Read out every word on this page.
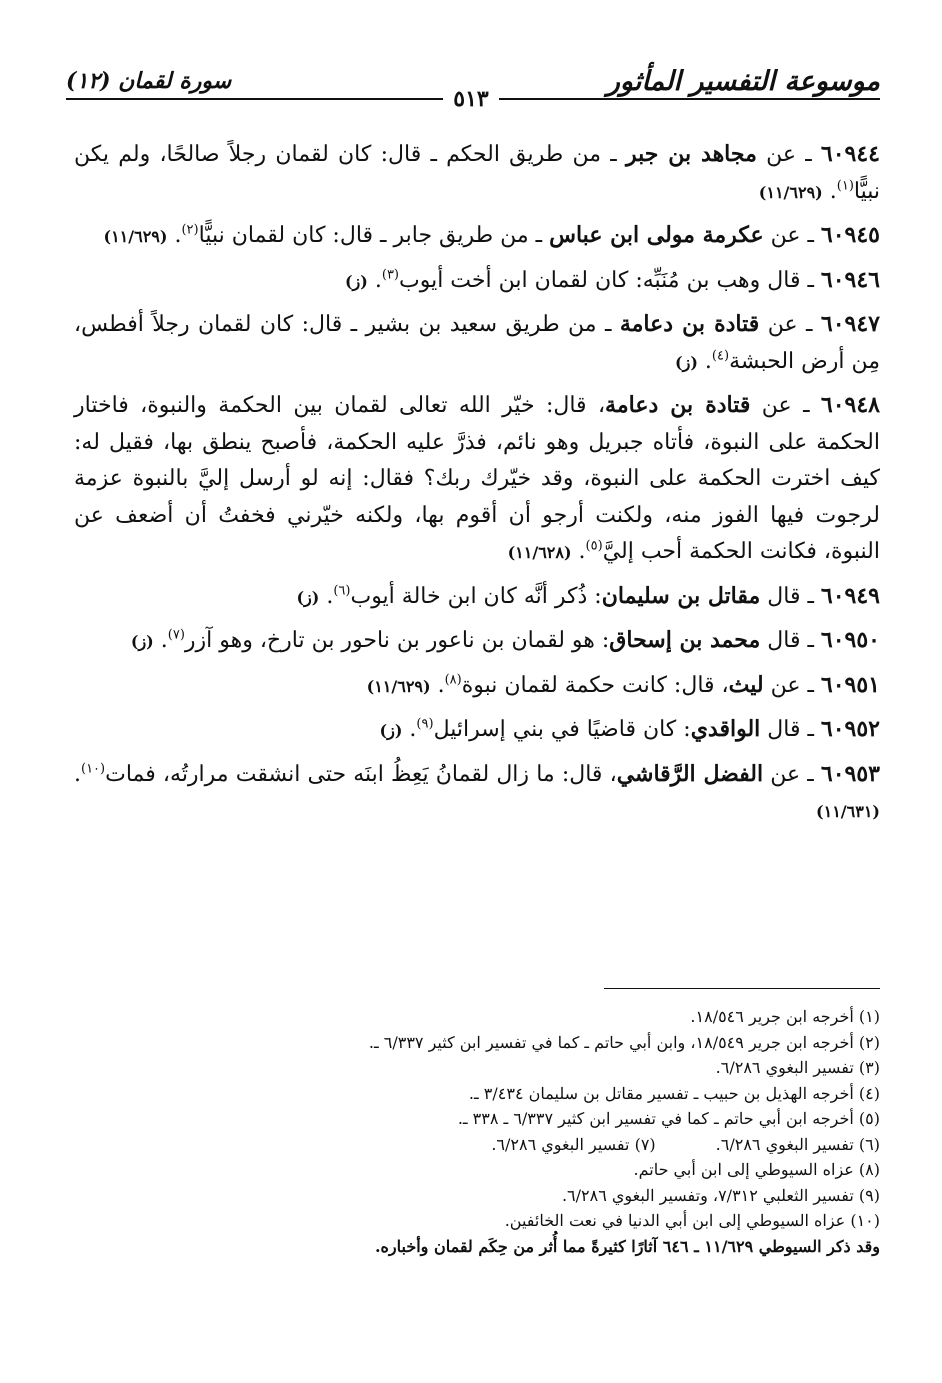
موسوعة التفسير المأثور
سورة لقمان (١٢)
٥١٣

٦٠٩٤٤ ـ عن مجاهد بن جبر ـ من طريق الحكم ـ قال: كان لقمان رجلاً صالحًا، ولم يكن نبيًّا$^{(١)}$. (١١/٦٢٩)

٦٠٩٤٥ ـ عن عكرمة مولى ابن عباس ـ من طريق جابر ـ قال: كان لقمان نبيًّا$^{(٢)}$. (١١/٦٢٩)

٦٠٩٤٦ ـ قال وهب بن مُنَبِّه: كان لقمان ابن أخت أيوب$^{(٣)}$. (ز)

٦٠٩٤٧ ـ عن قتادة بن دعامة ـ من طريق سعيد بن بشير ـ قال: كان لقمان رجلاً أفطس، مِن أرض الحبشة$^{(٤)}$. (ز)

٦٠٩٤٨ ـ عن قتادة بن دعامة، قال: خيّر الله تعالى لقمان بين الحكمة والنبوة، فاختار الحكمة على النبوة، فأتاه جبريل وهو نائم، فذرَّ عليه الحكمة، فأصبح ينطق بها، فقيل له: كيف اخترت الحكمة على النبوة، وقد خيّرك ربك؟ فقال: إنه لو أرسل إليَّ بالنبوة عزمة لرجوت فيها الفوز منه، ولكنت أرجو أن أقوم بها، ولكنه خيّرني فخفتُ أن أضعف عن النبوة، فكانت الحكمة أحب إليَّ$^{(٥)}$. (١١/٦٢٨)

٦٠٩٤٩ ـ قال مقاتل بن سليمان: ذُكر أنَّه كان ابن خالة أيوب$^{(٦)}$. (ز)

٦٠٩٥٠ ـ قال محمد بن إسحاق: هو لقمان بن ناعور بن ناحور بن تارخ، وهو آزر$^{(٧)}$. (ز)

٦٠٩٥١ ـ عن ليث، قال: كانت حكمة لقمان نبوة$^{(٨)}$. (١١/٦٢٩)

٦٠٩٥٢ ـ قال الواقدي: كان قاضيًا في بني إسرائيل$^{(٩)}$. (ز)

٦٠٩٥٣ ـ عن الفضل الرَّقاشي، قال: ما زال لقمانُ يَعِظُ ابنَه حتى انشقت مرارتُه، فمات$^{(١٠)}$. (١١/٦٣١)

(١) أخرجه ابن جرير ١٨/٥٤٦.
(٢) أخرجه ابن جرير ١٨/٥٤٩، وابن أبي حاتم ـ كما في تفسير ابن كثير ٦/٣٣٧ ـ.
(٣) تفسير البغوي ٦/٢٨٦.
(٤) أخرجه الهذيل بن حبيب ـ تفسير مقاتل بن سليمان ٣/٤٣٤ ـ.
(٥) أخرجه ابن أبي حاتم ـ كما في تفسير ابن كثير ٦/٣٣٧ ـ ٣٣٨ ـ.
(٦) تفسير البغوي ٦/٢٨٦.
(٧) تفسير البغوي ٦/٢٨٦.
(٨) عزاه السيوطي إلى ابن أبي حاتم.
(٩) تفسير الثعلبي ٧/٣١٢، وتفسير البغوي ٦/٢٨٦.
(١٠) عزاه السيوطي إلى ابن أبي الدنيا في نعت الخائفين.
وقد ذكر السيوطي ١١/٦٢٩ ـ ٦٤٦ آثارًا كثيرةً مما أُثر من حِكَم لقمان وأخباره.
